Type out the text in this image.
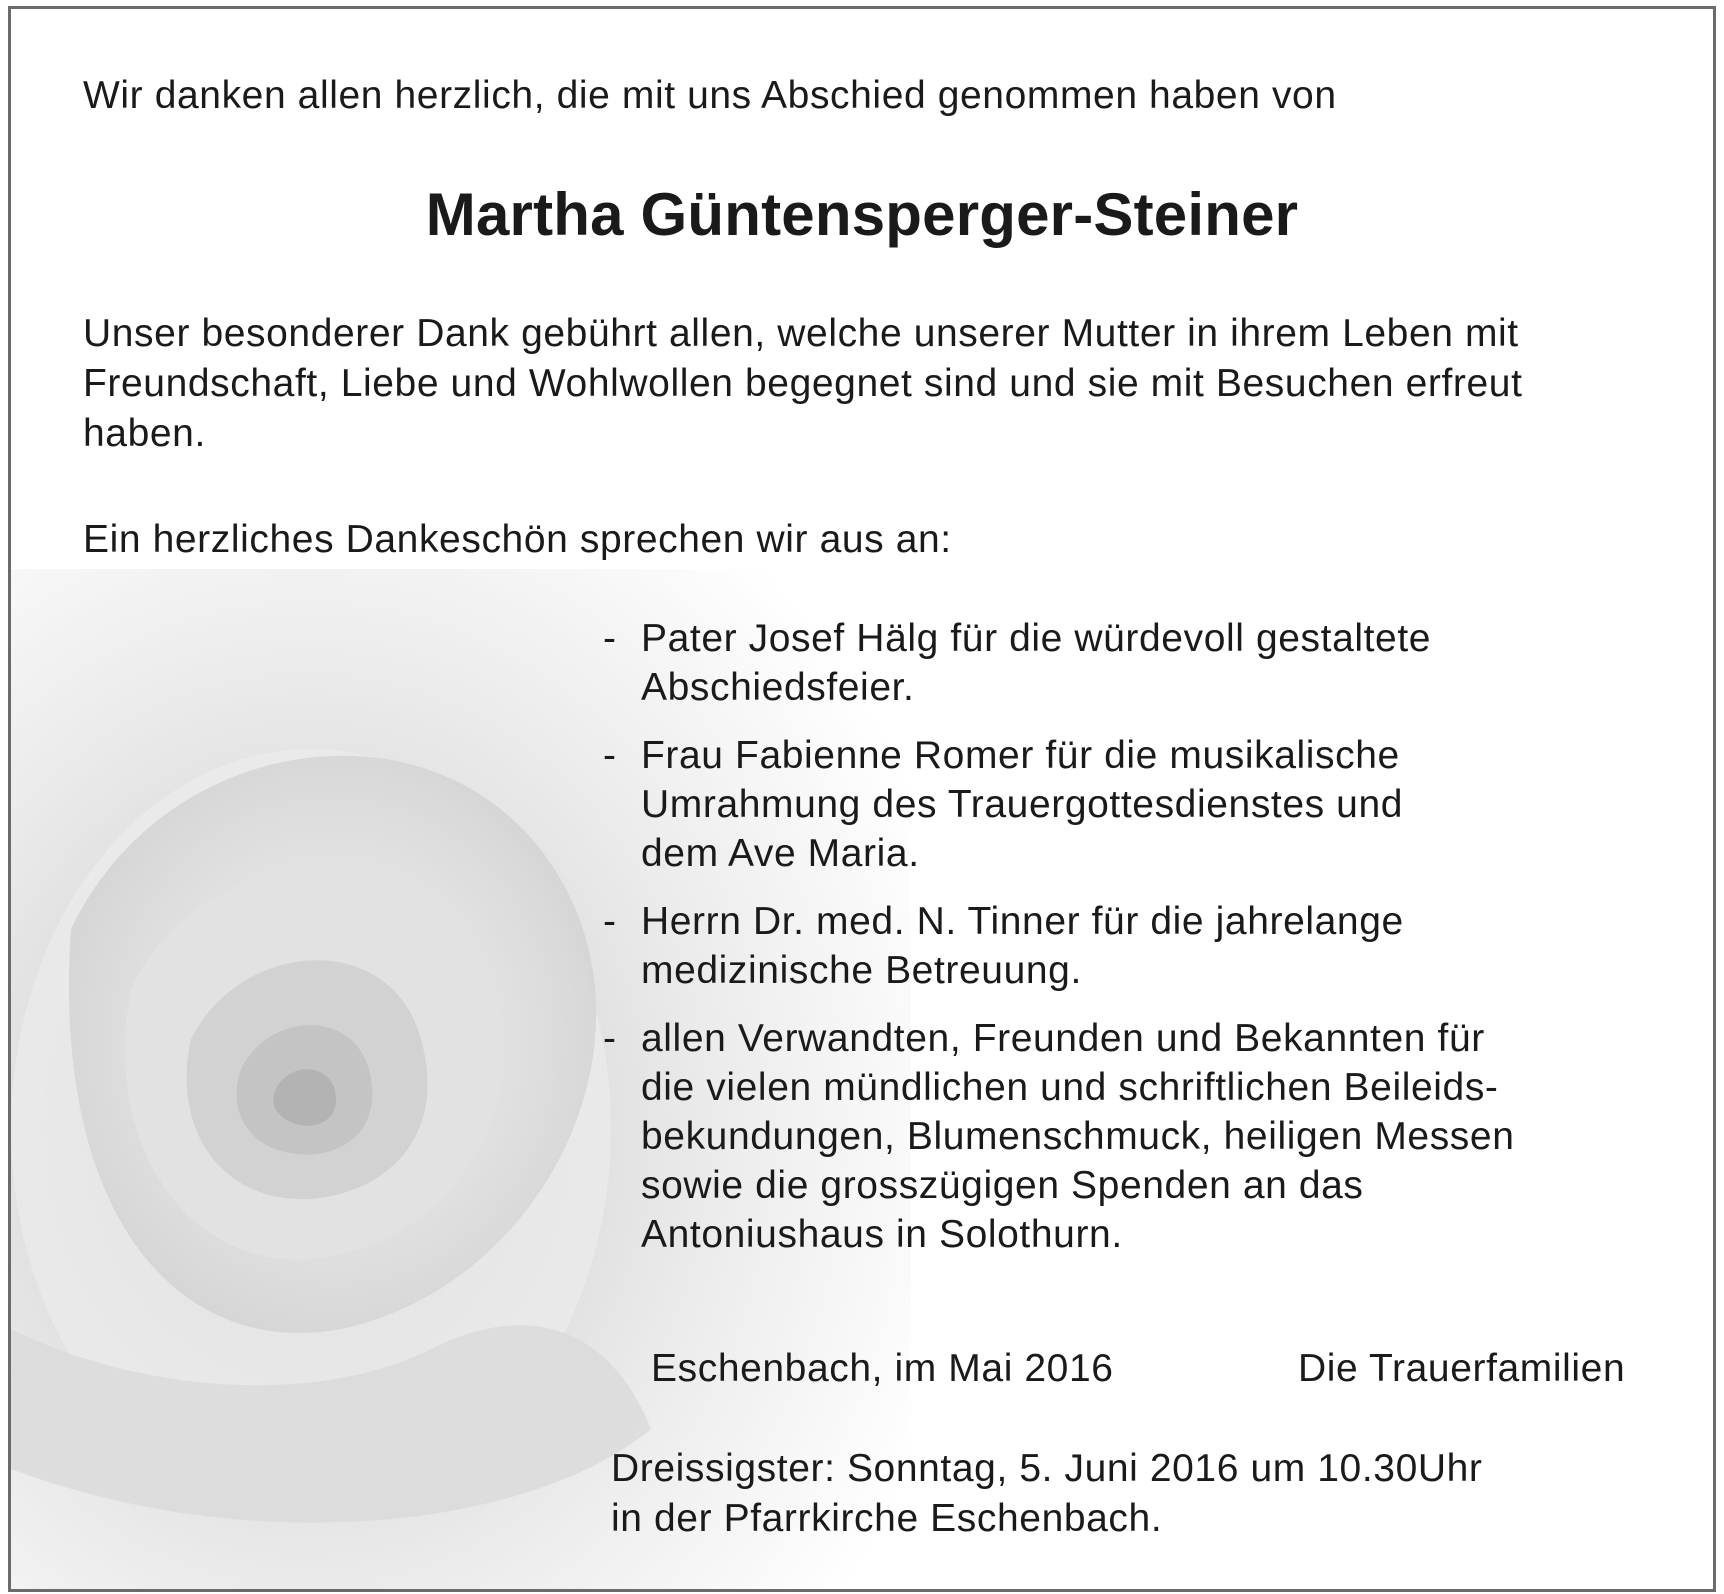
Wir danken allen herzlich, die mit uns Abschied genommen haben von
Martha Güntensperger-Steiner
Unser besonderer Dank gebührt allen, welche unserer Mutter in ihrem Leben mit
Freundschaft, Liebe und Wohlwollen begegnet sind und sie mit Besuchen erfreut
haben.
Ein herzliches Dankeschön sprechen wir aus an:
- Pater Josef Hälg für die würdevoll gestaltete
Abschiedsfeier.
- Frau Fabienne Romer für die musikalische
Umrahmung des Trauergottesdienstes und
dem Ave Maria.
- Herrn Dr. med. N. Tinner für die jahrelange
medizinische Betreuung.
- allen Verwandten, Freunden und Bekannten für
die vielen mündlichen und schriftlichen Beileids-
bekundungen, Blumenschmuck, heiligen Messen
sowie die grosszügigen Spenden an das
Antoniushaus in Solothurn.
Eschenbach, im Mai 2016	Die Trauerfamilien
Dreissigster: Sonntag, 5. Juni 2016 um 10.30Uhr
in der Pfarrkirche Eschenbach.
